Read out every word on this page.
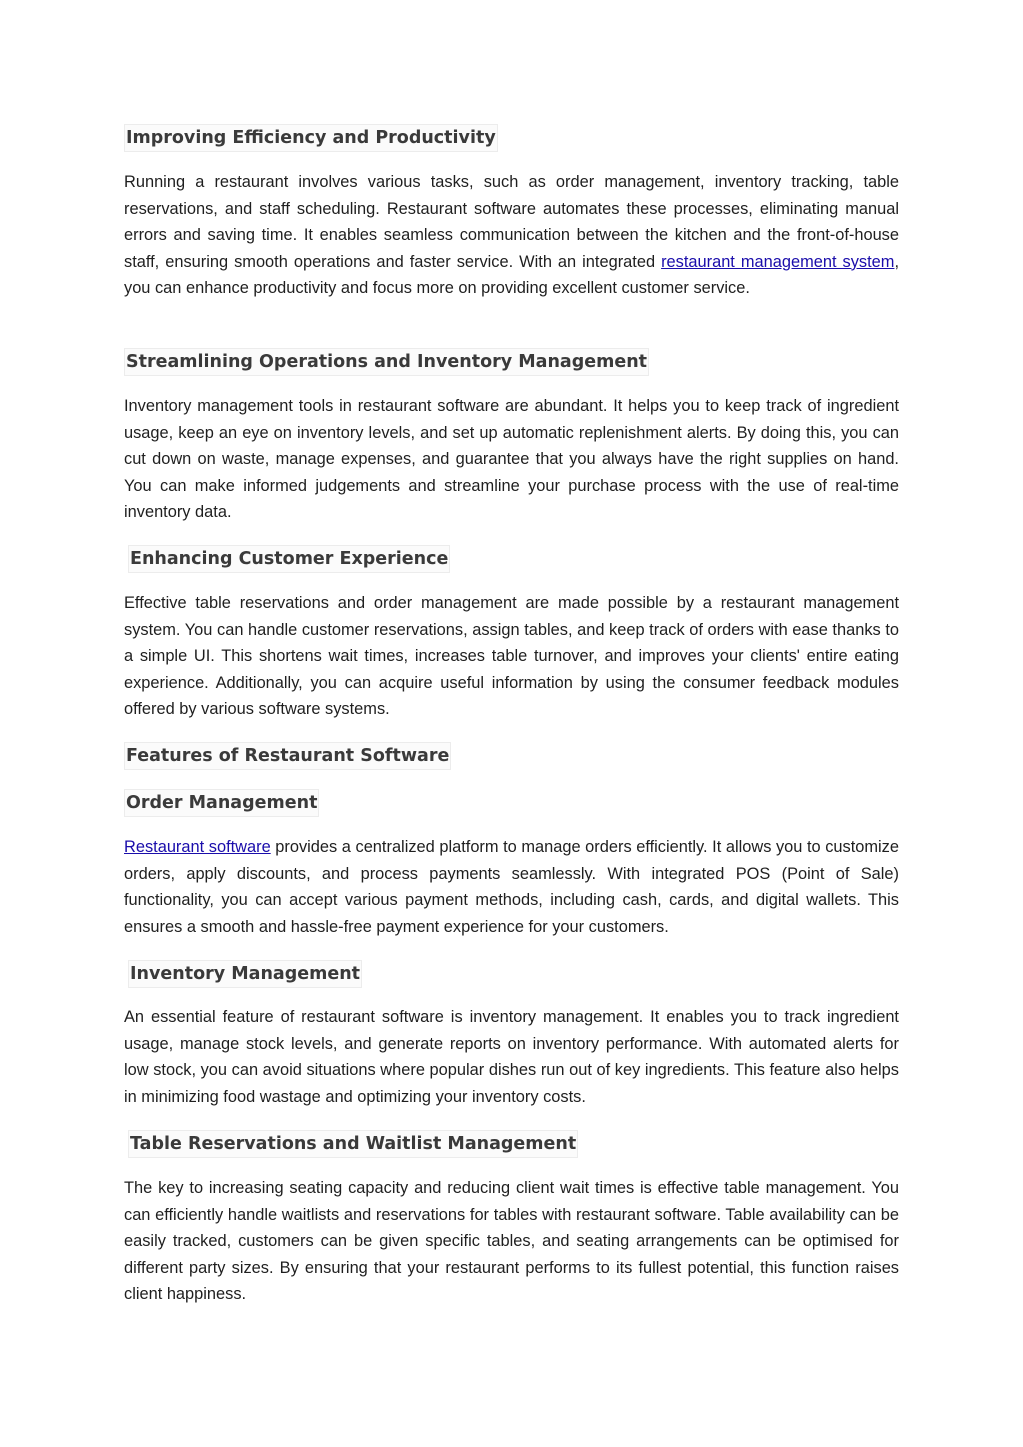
Improving Efficiency and Productivity

Running a restaurant involves various tasks, such as order management, inventory tracking, table reservations, and staff scheduling. Restaurant software automates these processes, eliminating manual errors and saving time. It enables seamless communication between the kitchen and the front-of-house staff, ensuring smooth operations and faster service. With an integrated restaurant management system, you can enhance productivity and focus more on providing excellent customer service.

Streamlining Operations and Inventory Management

Inventory management tools in restaurant software are abundant. It helps you to keep track of ingredient usage, keep an eye on inventory levels, and set up automatic replenishment alerts. By doing this, you can cut down on waste, manage expenses, and guarantee that you always have the right supplies on hand. You can make informed judgements and streamline your purchase process with the use of real-time inventory data.

Enhancing Customer Experience

Effective table reservations and order management are made possible by a restaurant management system. You can handle customer reservations, assign tables, and keep track of orders with ease thanks to a simple UI. This shortens wait times, increases table turnover, and improves your clients' entire eating experience. Additionally, you can acquire useful information by using the consumer feedback modules offered by various software systems.

Features of Restaurant Software
Order Management

Restaurant software provides a centralized platform to manage orders efficiently. It allows you to customize orders, apply discounts, and process payments seamlessly. With integrated POS (Point of Sale) functionality, you can accept various payment methods, including cash, cards, and digital wallets. This ensures a smooth and hassle-free payment experience for your customers.

Inventory Management

An essential feature of restaurant software is inventory management. It enables you to track ingredient usage, manage stock levels, and generate reports on inventory performance. With automated alerts for low stock, you can avoid situations where popular dishes run out of key ingredients. This feature also helps in minimizing food wastage and optimizing your inventory costs.

Table Reservations and Waitlist Management

The key to increasing seating capacity and reducing client wait times is effective table management. You can efficiently handle waitlists and reservations for tables with restaurant software. Table availability can be easily tracked, customers can be given specific tables, and seating arrangements can be optimised for different party sizes. By ensuring that your restaurant performs to its fullest potential, this function raises client happiness.
